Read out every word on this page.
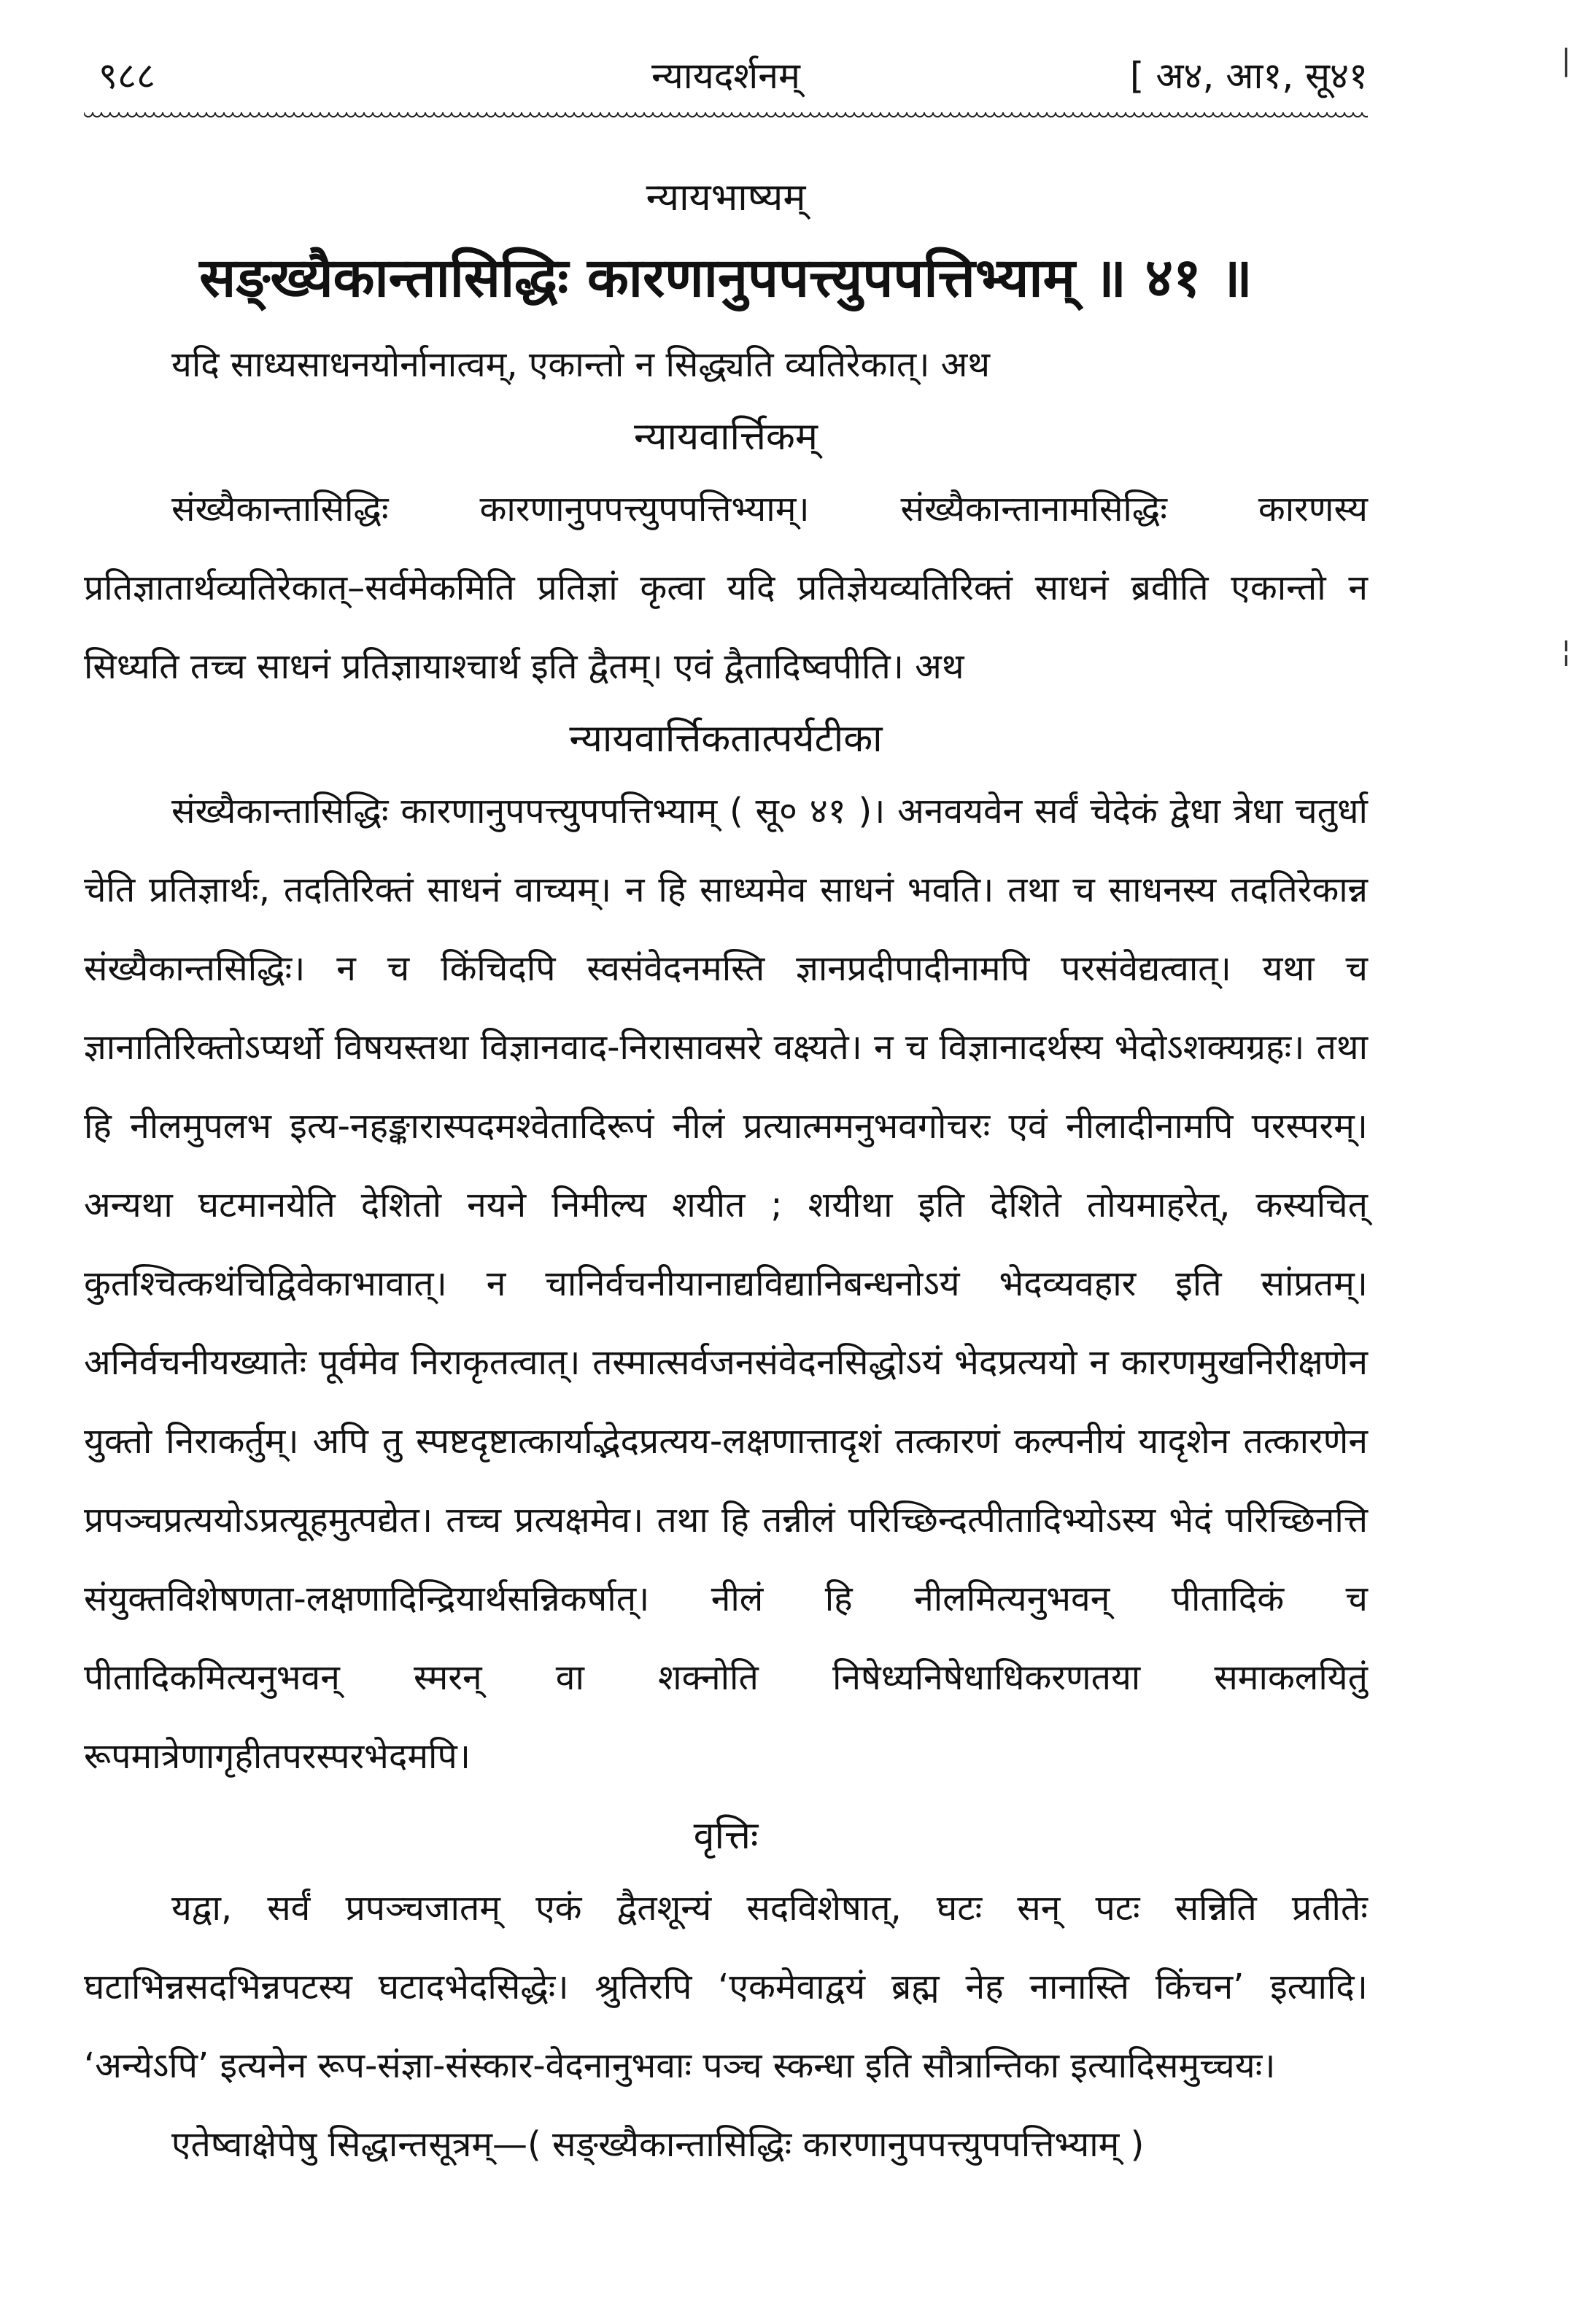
९८८	न्यायदर्शनम्	[ अ४, आ१, सू४१
न्यायभाष्यम्
सङ्ख्यैकान्तासिद्धिः कारणानुपपत्त्युपपत्तिभ्याम् ॥ ४१ ॥

यदि साध्यसाधनयोर्नानात्वम्, एकान्तो न सिद्ध्यति व्यतिरेकात्। अथ

न्यायवार्त्तिकम्

संख्यैकान्तासिद्धिः कारणानुपपत्त्युपपत्तिभ्याम्। संख्यैकान्तानामसिद्धिः कारणस्य प्रतिज्ञातार्थव्यतिरेकात्–सर्वमेकमिति प्रतिज्ञां कृत्वा यदि प्रतिज्ञेयव्यतिरिक्तं साधनं ब्रवीति एकान्तो न सिध्यति तच्च साधनं प्रतिज्ञायाश्चार्थ इति द्वैतम्। एवं द्वैतादिष्वपीति। अथ

न्यायवार्त्तिकतात्पर्यटीका

संख्यैकान्तासिद्धिः कारणानुपपत्त्युपपत्तिभ्याम् ( सू० ४१ )। अनवयवेन सर्वं चेदेकं द्वेधा त्रेधा चतुर्धा चेति प्रतिज्ञार्थः, तदतिरिक्तं साधनं वाच्यम्। न हि साध्यमेव साधनं भवति। तथा च साधनस्य तदतिरेकान्न संख्यैकान्तसिद्धिः। न च किंचिदपि स्वसंवेदनमस्ति ज्ञानप्रदीपादीनामपि परसंवेद्यत्वात्। यथा च ज्ञानातिरिक्तोऽप्यर्थो विषयस्तथा विज्ञानवाद-निरासावसरे वक्ष्यते। न च विज्ञानादर्थस्य भेदोऽशक्यग्रहः। तथा हि नीलमुपलभ इत्य-नहङ्कारास्पदमश्वेतादिरूपं नीलं प्रत्यात्ममनुभवगोचरः एवं नीलादीनामपि परस्परम्। अन्यथा घटमानयेति देशितो नयने निमील्य शयीत ; शयीथा इति देशिते तोयमाहरेत्, कस्यचित् कुतश्चित्कथंचिद्विवेकाभावात्। न चानिर्वचनीयानाद्यविद्यानिबन्धनोऽयं भेदव्यवहार इति सांप्रतम्। अनिर्वचनीयख्यातेः पूर्वमेव निराकृतत्वात्। तस्मात्सर्वजनसंवेदनसिद्धोऽयं भेदप्रत्ययो न कारणमुखनिरीक्षणेन युक्तो निराकर्तुम्। अपि तु स्पष्टदृष्टात्कार्याद्भेदप्रत्यय-लक्षणात्तादृशं तत्कारणं कल्पनीयं यादृशेन तत्कारणेन प्रपञ्चप्रत्ययोऽप्रत्यूहमुत्पद्येत। तच्च प्रत्यक्षमेव। तथा हि तन्नीलं परिच्छिन्दत्पीतादिभ्योऽस्य भेदं परिच्छिनत्ति संयुक्तविशेषणता-लक्षणादिन्द्रियार्थसन्निकर्षात्। नीलं हि नीलमित्यनुभवन् पीतादिकं च पीतादिकमित्यनुभवन् स्मरन् वा शक्नोति निषेध्यनिषेधाधिकरणतया समाकलयितुं रूपमात्रेणागृहीतपरस्परभेदमपि।

वृत्तिः

यद्वा, सर्वं प्रपञ्चजातम् एकं द्वैतशून्यं सदविशेषात्, घटः सन् पटः सन्निति प्रतीतेः घटाभिन्नसदभिन्नपटस्य घटादभेदसिद्धेः। श्रुतिरपि ‘एकमेवाद्वयं ब्रह्म नेह नानास्ति किंचन’ इत्यादि। ‘अन्येऽपि’ इत्यनेन रूप-संज्ञा-संस्कार-वेदनानुभवाः पञ्च स्कन्धा इति सौत्रान्तिका इत्यादिसमुच्चयः।

एतेष्वाक्षेपेषु सिद्धान्तसूत्रम्—( सङ्ख्यैकान्तासिद्धिः कारणानुपपत्त्युपपत्तिभ्याम् )

|
¦
